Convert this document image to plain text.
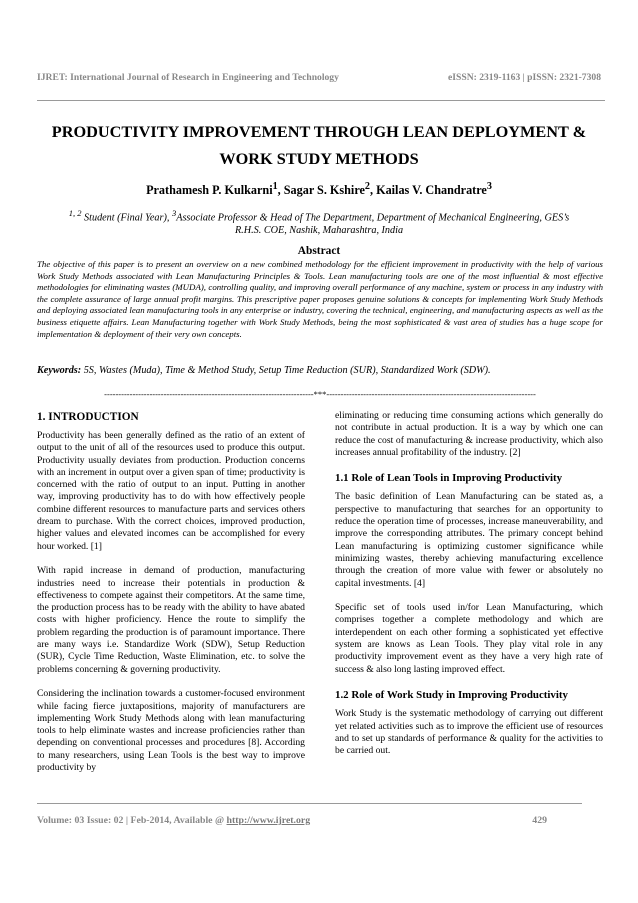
IJRET: International Journal of Research in Engineering and Technology	eISSN: 2319-1163 | pISSN: 2321-7308
PRODUCTIVITY IMPROVEMENT THROUGH LEAN DEPLOYMENT &
WORK STUDY METHODS
Prathamesh P. Kulkarni$^1$, Sagar S. Kshire$^2$, Kailas V. Chandratre$^3$
$^{1, 2}$ Student (Final Year), $^3$Associate Professor & Head of The Department, Department of Mechanical Engineering, GES’s
R.H.S. COE, Nashik, Maharashtra, India
Abstract
The objective of this paper is to present an overview on a new combined methodology for the efficient improvement in productivity with the help of various Work Study Methods associated with Lean Manufacturing Principles & Tools. Lean manufacturing tools are one of the most influential & most effective methodologies for eliminating wastes (MUDA), controlling quality, and improving overall performance of any machine, system or process in any industry with the complete assurance of large annual profit margins. This prescriptive paper proposes genuine solutions & concepts for implementing Work Study Methods and deploying associated lean manufacturing tools in any enterprise or industry, covering the technical, engineering, and manufacturing aspects as well as the business etiquette affairs. Lean Manufacturing together with Work Study Methods, being the most sophisticated & vast area of studies has a huge scope for implementation & deployment of their very own concepts.
Keywords: 5S, Wastes (Muda), Time & Method Study, Setup Time Reduction (SUR), Standardized Work (SDW).
--------------------------------------------------------------------------***--------------------------------------------------------------------------
1. INTRODUCTION

Productivity has been generally defined as the ratio of an extent of output to the unit of all of the resources used to produce this output. Productivity usually deviates from production. Production concerns with an increment in output over a given span of time; productivity is concerned with the ratio of output to an input. Putting in another way, improving productivity has to do with how effectively people combine different resources to manufacture parts and services others dream to purchase. With the correct choices, improved production, higher values and elevated incomes can be accomplished for every hour worked. [1]

With rapid increase in demand of production, manufacturing industries need to increase their potentials in production & effectiveness to compete against their competitors. At the same time, the production process has to be ready with the ability to have abated costs with higher proficiency. Hence the route to simplify the problem regarding the production is of paramount importance. There are many ways i.e. Standardize Work (SDW), Setup Reduction (SUR), Cycle Time Reduction, Waste Elimination, etc. to solve the problems concerning & governing productivity.

Considering the inclination towards a customer-focused environment while facing fierce juxtapositions, majority of manufacturers are implementing Work Study Methods along with lean manufacturing tools to help eliminate wastes and increase proficiencies rather than depending on conventional processes and procedures [8]. According to many researchers, using Lean Tools is the best way to improve productivity by

eliminating or reducing time consuming actions which generally do not contribute in actual production. It is a way by which one can reduce the cost of manufacturing & increase productivity, which also increases annual profitability of the industry. [2]

1.1 Role of Lean Tools in Improving Productivity

The basic definition of Lean Manufacturing can be stated as, a perspective to manufacturing that searches for an opportunity to reduce the operation time of processes, increase maneuverability, and improve the corresponding attributes. The primary concept behind Lean manufacturing is optimizing customer significance while minimizing wastes, thereby achieving manufacturing excellence through the creation of more value with fewer or absolutely no capital investments. [4]

Specific set of tools used in/for Lean Manufacturing, which comprises together a complete methodology and which are interdependent on each other forming a sophisticated yet effective system are knows as Lean Tools. They play vital role in any productivity improvement event as they have a very high rate of success & also long lasting improved effect.

1.2 Role of Work Study in Improving Productivity

Work Study is the systematic methodology of carrying out different yet related activities such as to improve the efficient use of resources and to set up standards of performance & quality for the activities to be carried out.

Volume: 03 Issue: 02 | Feb-2014, Available @ http://www.ijret.org	429
